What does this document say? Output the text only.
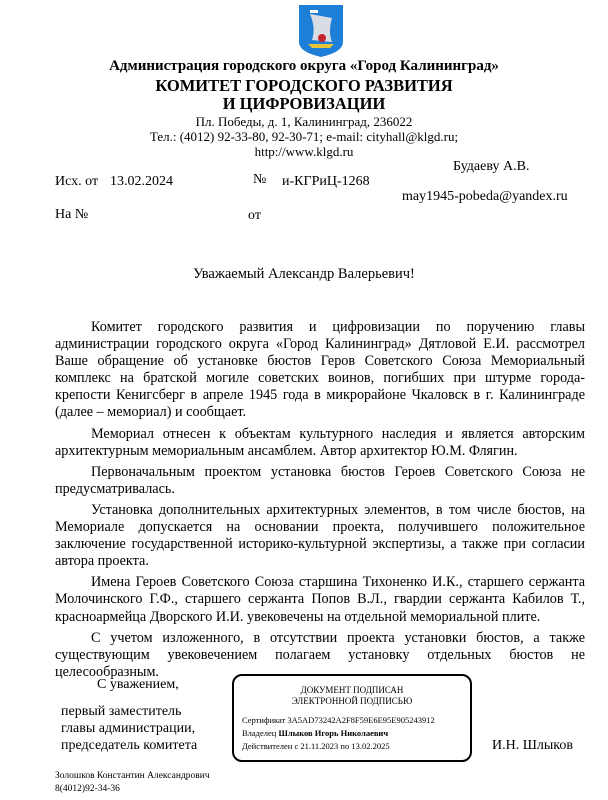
Администрация городского округа «Город Калининград»
КОМИТЕТ ГОРОДСКОГО РАЗВИТИЯ
И ЦИФРОВИЗАЦИИ
Пл. Победы, д. 1, Калининград, 236022
Тел.: (4012) 92-33-80, 92-30-71; e-mail: cityhall@klgd.ru;
http://www.klgd.ru
Исх. от 13.02.2024	№ и-КГРиЦ-1268
На №	от
Будаеву А.В.
may1945-pobeda@yandex.ru
Уважаемый Александр Валерьевич!

Комитет городского развития и цифровизации по поручению главы администрации городского округа «Город Калининград» Дятловой Е.И. рассмотрел Ваше обращение об установке бюстов Геров Советского Союза Мемориальный комплекс на братской могиле советских воинов, погибших при штурме города-крепости Кенигсберг в апреле 1945 года в микрорайоне Чкаловск в г. Калининграде (далее – мемориал) и сообщает.

Мемориал отнесен к объектам культурного наследия и является авторским архитектурным мемориальным ансамблем. Автор архитектор Ю.М. Флягин.

Первоначальным проектом установка бюстов Героев Советского Союза не предусматривалась.

Установка дополнительных архитектурных элементов, в том числе бюстов, на Мемориале допускается на основании проекта, получившего положительное заключение государственной историко-культурной экспертизы, а также при согласии автора проекта.

Имена Героев Советского Союза старшина Тихоненко И.К., старшего сержанта Молочинского Г.Ф., старшего сержанта Попов В.Л., гвардии сержанта Кабилов Т., красноармейца Дворского И.И. увековечены на отдельной мемориальной плите.

С учетом изложенного, в отсутствии проекта установки бюстов, а также существующим увековечением полагаем установку отдельных бюстов не целесообразным.

С уважением,
первый заместитель
главы администрации,
председатель комитета	И.Н. Шлыков
ДОКУМЕНТ ПОДПИСАН
ЭЛЕКТРОННОЙ ПОДПИСЬЮ
Сертификат 3A5AD73242A2F8F59E6E95E905243912
Владелец Шлыков Игорь Николаевич
Действителен с 21.11.2023 по 13.02.2025
Золошков Константин Александрович
8(4012)92-34-36
